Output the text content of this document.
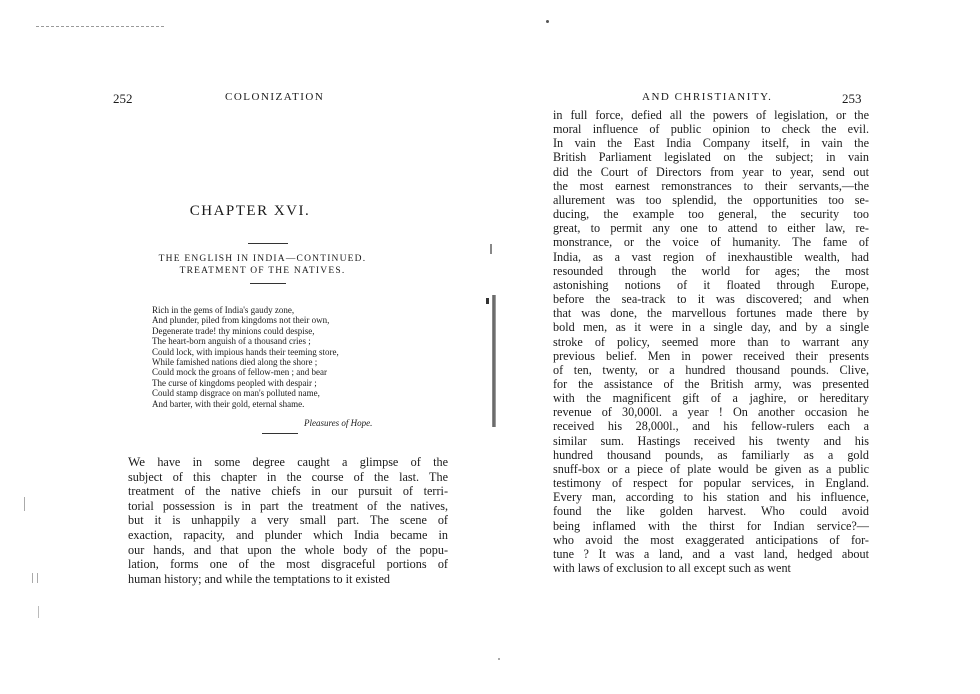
252	COLONIZATION
CHAPTER XVI.
THE ENGLISH IN INDIA—CONTINUED.
TREATMENT OF THE NATIVES.
Rich in the gems of India's gaudy zone,
And plunder, piled from kingdoms not their own,
Degenerate trade! thy minions could despise,
The heart-born anguish of a thousand cries ;
Could lock, with impious hands their teeming store,
While famished nations died along the shore ;
Could mock the groans of fellow-men ; and bear
The curse of kingdoms peopled with despair ;
Could stamp disgrace on man's polluted name,
And barter, with their gold, eternal shame.
Pleasures of Hope.
We have in some degree caught a glimpse of the
subject of this chapter in the course of the last. The
treatment of the native chiefs in our pursuit of terri-
torial possession is in part the treatment of the natives,
but it is unhappily a very small part. The scene of
exaction, rapacity, and plunder which India became in
our hands, and that upon the whole body of the popu-
lation, forms one of the most disgraceful portions of
human history; and while the temptations to it existed
AND CHRISTIANITY.	253
in full force, defied all the powers of legislation, or the
moral influence of public opinion to check the evil.
In vain the East India Company itself, in vain the
British Parliament legislated on the subject; in vain
did the Court of Directors from year to year, send out
the most earnest remonstrances to their servants,—the
allurement was too splendid, the opportunities too se-
ducing, the example too general, the security too
great, to permit any one to attend to either law, re-
monstrance, or the voice of humanity. The fame of
India, as a vast region of inexhaustible wealth, had
resounded through the world for ages; the most
astonishing notions of it floated through Europe,
before the sea-track to it was discovered; and when
that was done, the marvellous fortunes made there by
bold men, as it were in a single day, and by a single
stroke of policy, seemed more than to warrant any
previous belief. Men in power received their presents
of ten, twenty, or a hundred thousand pounds. Clive,
for the assistance of the British army, was presented
with the magnificent gift of a jaghire, or hereditary
revenue of 30,000l. a year ! On another occasion he
received his 28,000l., and his fellow-rulers each a
similar sum. Hastings received his twenty and his
hundred thousand pounds, as familiarly as a gold
snuff-box or a piece of plate would be given as a public
testimony of respect for popular services, in England.
Every man, according to his station and his influence,
found the like golden harvest. Who could avoid
being inflamed with the thirst for Indian service?—
who avoid the most exaggerated anticipations of for-
tune ? It was a land, and a vast land, hedged about
with laws of exclusion to all except such as went
